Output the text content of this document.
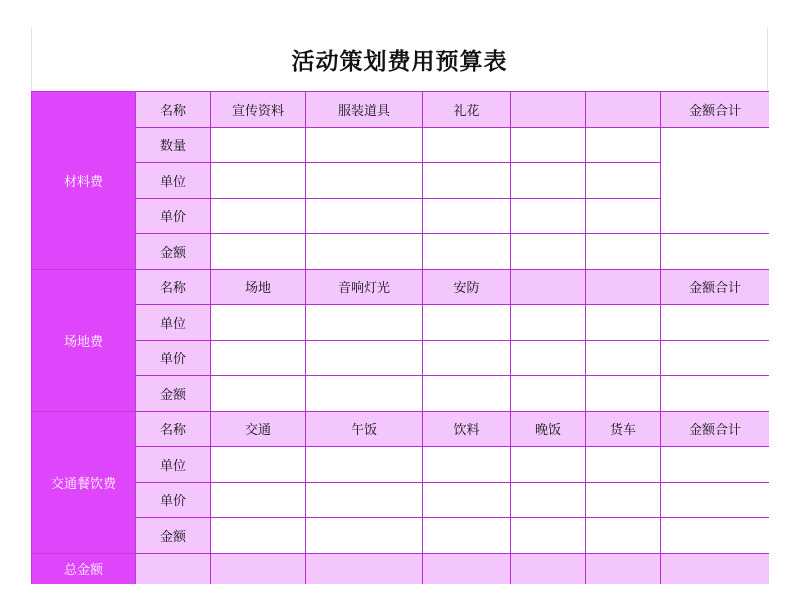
活动策划费用预算表
材料费	名称	宣传资料	服装道具	礼花			金额合计
	数量						
	单位						
	单价						
	金额						
场地费	名称	场地	音响灯光	安防			金额合计
	单位						
	单价						
	金额						
交通餐饮费	名称	交通	午饭	饮料	晚饭	货车	金额合计
	单位						
	单价						
	金额						
总金额							
